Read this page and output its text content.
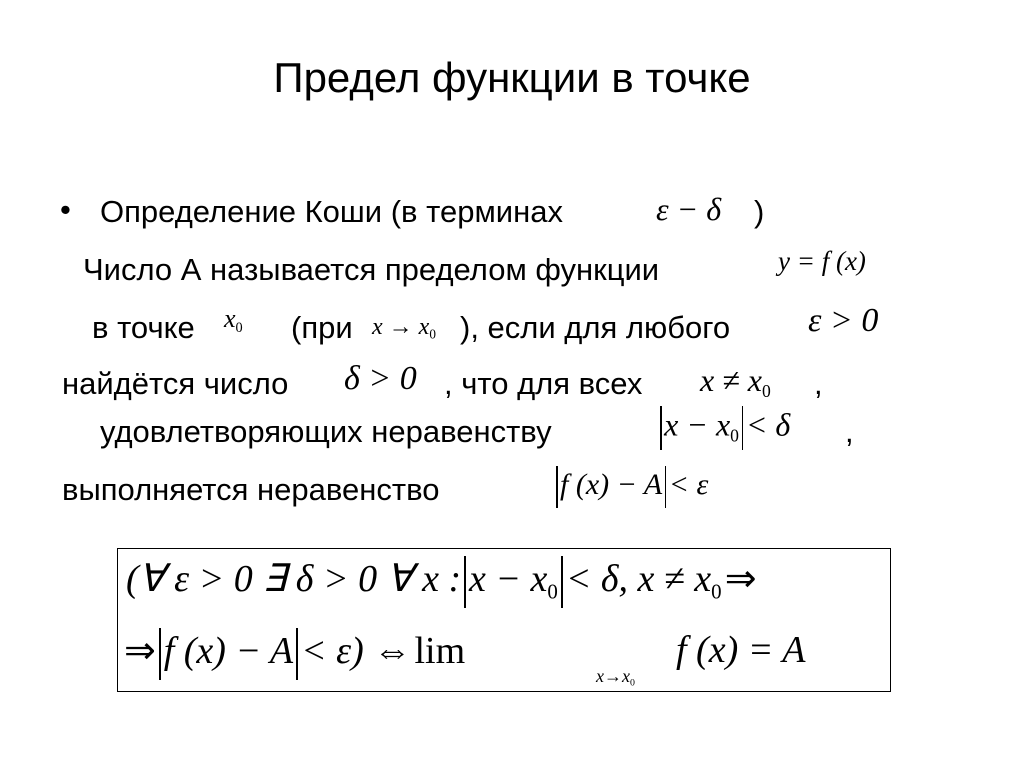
Предел функции в точке
• Определение Коши (в терминах	ε − δ )
Число А называется пределом функции	y = f (x)
в точке $x_0$ (при $x \to x_0$ ), если для любого ε > 0
найдётся число δ > 0 , что для всех $x \ne x_0$ ,
удовлетворяющих неравенству
 	$x - x_0$   < δ ,
выполняется неравенство
 	f (x) − A   < ε
(∀ ε > 0 ∃ δ > 0 ∀ x :   $x - x_0$   < δ, $x \ne x_0$ ⇒
⇒   f (x) − A   < ε) ⇔ lim
$x\to x_0$
f (x) = A
